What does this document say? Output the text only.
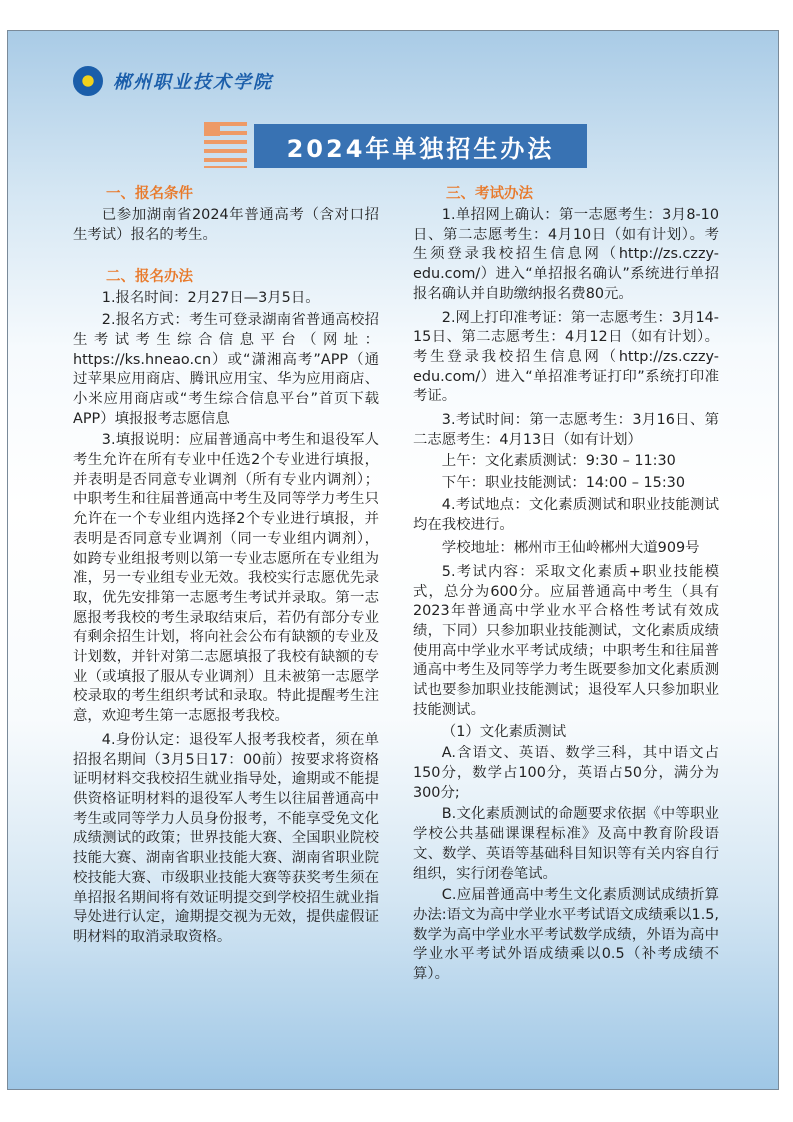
郴州职业技术学院
2024年单独招生办法
一、报名条件

已参加湖南省2024年普通高考（含对口招生考试）报名的考生。

二、报名办法

1.报名时间：2月27日—3月5日。

2.报名方式：考生可登录湖南省普通高校招生考试考生综合信息平台（网址：https://ks.hneao.cn）或“潇湘高考”APP（通过苹果应用商店、腾讯应用宝、华为应用商店、小米应用商店或“考生综合信息平台”首页下载APP）填报报考志愿信息

3.填报说明：应届普通高中考生和退役军人考生允许在所有专业中任选2个专业进行填报，并表明是否同意专业调剂（所有专业内调剂）；中职考生和往届普通高中考生及同等学力考生只允许在一个专业组内选择2个专业进行填报，并表明是否同意专业调剂（同一专业组内调剂），如跨专业组报考则以第一专业志愿所在专业组为准，另一专业组专业无效。我校实行志愿优先录取，优先安排第一志愿考生考试并录取。第一志愿报考我校的考生录取结束后，若仍有部分专业有剩余招生计划，将向社会公布有缺额的专业及计划数，并针对第二志愿填报了我校有缺额的专业（或填报了服从专业调剂）且未被第一志愿学校录取的考生组织考试和录取。特此提醒考生注意，欢迎考生第一志愿报考我校。

4.身份认定：退役军人报考我校者，须在单招报名期间（3月5日17：00前）按要求将资格证明材料交我校招生就业指导处，逾期或不能提供资格证明材料的退役军人考生以往届普通高中考生或同等学力人员身份报考，不能享受免文化成绩测试的政策；世界技能大赛、全国职业院校技能大赛、湖南省职业技能大赛、湖南省职业院校技能大赛、市级职业技能大赛等获奖考生须在单招报名期间将有效证明提交到学校招生就业指导处进行认定，逾期提交视为无效，提供虚假证明材料的取消录取资格。

三、考试办法

1.单招网上确认：第一志愿考生：3月8-10日、第二志愿考生：4月10日（如有计划）。考生须登录我校招生信息网（http://zs.czzy-edu.com/）进入“单招报名确认”系统进行单招报名确认并自助缴纳报名费80元。

2.网上打印准考证：第一志愿考生：3月14-15日、第二志愿考生：4月12日（如有计划）。考生登录我校招生信息网（http://zs.czzy-edu.com/）进入“单招准考证打印”系统打印准考证。

3.考试时间：第一志愿考生：3月16日、第二志愿考生：4月13日（如有计划）

上午：文化素质测试：9:30 – 11:30

下午：职业技能测试：14:00 – 15:30

4.考试地点：文化素质测试和职业技能测试均在我校进行。

学校地址：郴州市王仙岭郴州大道909号

5.考试内容：采取文化素质+职业技能模式，总分为600分。应届普通高中考生（具有2023年普通高中学业水平合格性考试有效成绩，下同）只参加职业技能测试，文化素质成绩使用高中学业水平考试成绩；中职考生和往届普通高中考生及同等学力考生既要参加文化素质测试也要参加职业技能测试；退役军人只参加职业技能测试。

（1）文化素质测试

A.含语文、英语、数学三科，其中语文占150分，数学占100分，英语占50分，满分为300分;

B.文化素质测试的命题要求依据《中等职业学校公共基础课课程标准》及高中教育阶段语文、数学、英语等基础科目知识等有关内容自行组织，实行闭卷笔试。

C.应届普通高中考生文化素质测试成绩折算办法:语文为高中学业水平考试语文成绩乘以1.5,数学为高中学业水平考试数学成绩，外语为高中学业水平考试外语成绩乘以0.5（补考成绩不算）。
